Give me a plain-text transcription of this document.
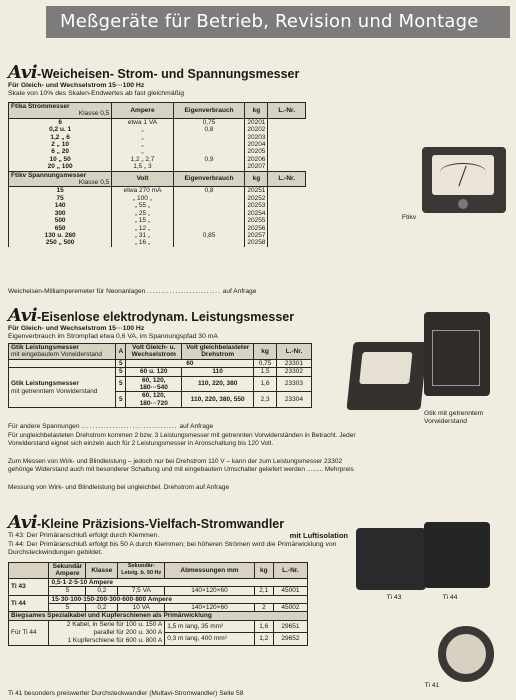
Meßgeräte für Betrieb, Revision und Montage
Avi-Weicheisen- Strom- und Spannungsmesser
Für Gleich- und Wechselstrom 15···100 Hz
Skale von 10% des Skalen-Endwertes ab fast gleichmäßig
Ftika Strommesser

Klasse 0,5	Ampere	Eigenverbrauch	kg	L.-Nr.
6	etwa 1 VA	0,75	20201	
0,2 u. 1	„	0,8	20202	
1,2 „ 6	„		20203	
2 „ 10	„		20204	
6 „ 20	„		20205	
10 „ 50	1,2 „ 2,7	0,9	20206	
20 „ 100	1,5 „ 3		20207	
Ftikv Spannungsmesser

Klasse 0,5	Volt	Eigenverbrauch	kg	L.-Nr.
15	etwa 270 mA	0,8	20251	
75	„ 100 „		20252	
140	„ 55 „		20253	
300	„ 25 „		20254	
500	„ 15 „		20255	
650	„ 12 „		20256	
130 u. 260	„ 31 „	0,85	20257	
250 „ 500	„ 16 „		20258	
Weicheisen-Milliamperemeter für Neonanlagen .......................... auf Anfrage
Ftikv
Avi-Eisenlose elektrodynam. Leistungsmesser
Für Gleich- und Wechselstrom 15···100 Hz
Eigenverbrauch im Strompfad etwa 0,6 VA, im Spannungspfad 30 mA
Gtik Leistungsmesser
mit eingebautem Vorwiderstand	A	Volt Gleich- u. Wechselstrom	Volt gleichbelasteter Drehstrom	kg	L.-Nr.
	5	60		0,75	23301
Gtik Leistungsmesser
mit getrenntem Vorwiderstand	5	60 u. 120	110	1,5	23302
	5	60, 120, 180···540	110, 220, 380	1,6	23303
	5	60, 120, 180···720	110, 220, 380, 550	2,3	23304
Für andere Spannungen .................................. auf Anfrage
Für ungleichbelasteten Drehstrom kommen 2 bzw. 3 Leistungsmesser mit getrennten Vorwiderständen in Betracht. Jeder Vorwiderstand eignet sich einzeln auch für 2 Leistungsmesser in Aronschaltung bis 120 Volt.
Zum Messen von Wirk- und Blindleistung – jedoch nur bei Drehstrom 110 V – kann der zum Leistungsmesser 23302 gehörige Widerstand auch mit besonderer Schaltung und mit eingebautem Umschalter geliefert werden ......... Mehrpreis
Messung von Wirk- und Blindleistung bei ungleichbel. Drehstrom auf Anfrage
Gtik mit getrenntem Vorwiderstand
Avi-Kleine Präzisions-Vielfach-Stromwandler
Ti 43: Der Primäranschluß erfolgt durch Klemmen.	mit Luftisolation
Ti 44: Der Primäranschluß erfolgt bis 50 A durch Klemmen; bei höheren Strömen wird die Primärwicklung von Durchsteckwindungen gebildet.
	Sekundär Ampere	Klasse	Sekundär-Leistg. b. 50 Hz	Abmessungen mm	kg	L.-Nr.
Ti 43	0,5·1·2·5·10 Ampere					
	5	0,2	7,5 VA	140×120×60	2,1	45001
Ti 44	15·30·100·150·200·300·600·800 Ampere					
	5	0,2	10 VA	140×120×60	2	45002
Biegsames Spezialkabel und Kupferschienen als Primärwicklung						
Für Ti 44	2 Kabel, in Serie für 100 u. 150 A
parallel für 200 u. 300 A
1 Kupferschiene für 600 u. 800 A			1,5 m lang, 35 mm²	1,6	29651
				0,3 m lang, 400 mm²	1,2	29652
Ti 41 besonders preiswerter Durchsteckwandler (Multavi-Stromwandler) Seite 58
Ti 43	Ti 44
Ti 41
